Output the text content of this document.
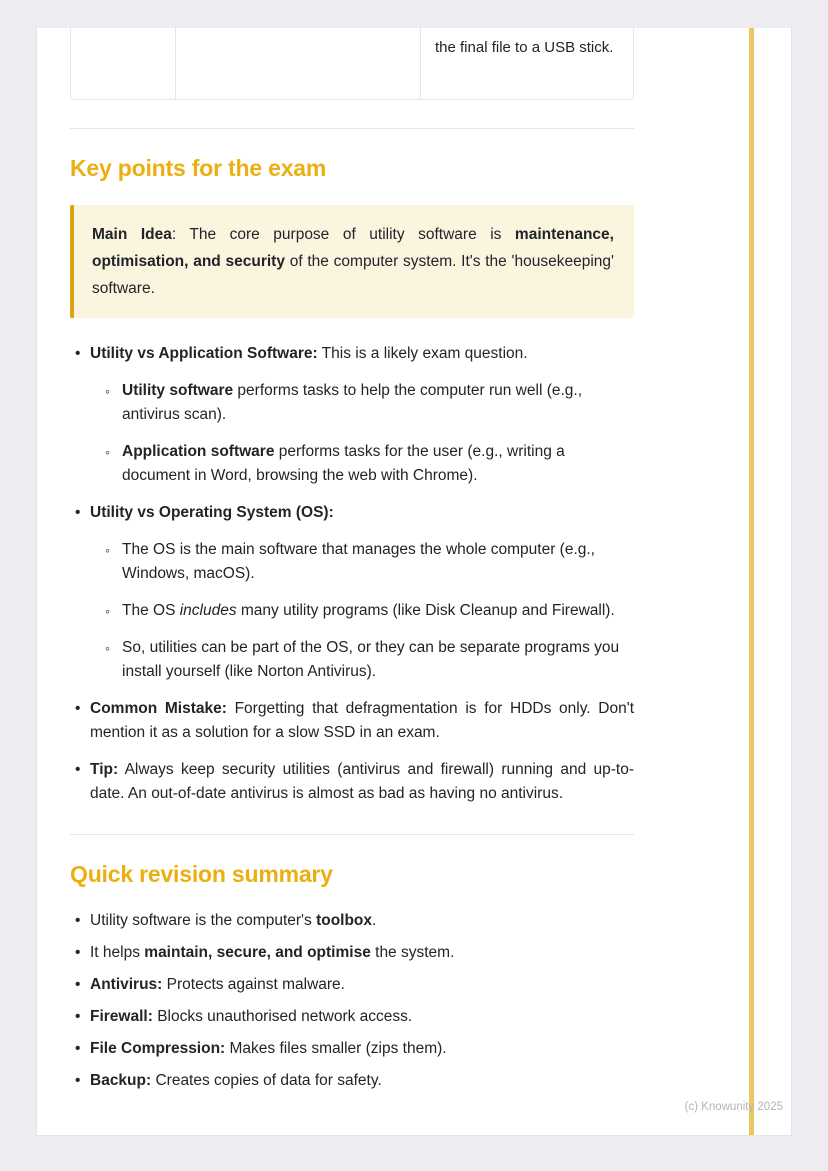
the final file to a USB stick.

Key points for the exam

Main Idea: The core purpose of utility software is maintenance, optimisation, and security of the computer system. It's the 'housekeeping' software.

• Utility vs Application Software: This is a likely exam question.

◦ Utility software performs tasks to help the computer run well (e.g., antivirus scan).

◦ Application software performs tasks for the user (e.g., writing a document in Word, browsing the web with Chrome).

• Utility vs Operating System (OS):

◦ The OS is the main software that manages the whole computer (e.g., Windows, macOS).

◦ The OS includes many utility programs (like Disk Cleanup and Firewall).

◦ So, utilities can be part of the OS, or they can be separate programs you install yourself (like Norton Antivirus).

• Common Mistake: Forgetting that defragmentation is for HDDs only. Don't mention it as a solution for a slow SSD in an exam.

• Tip: Always keep security utilities (antivirus and firewall) running and up-to-date. An out-of-date antivirus is almost as bad as having no antivirus.

Quick revision summary
• Utility software is the computer's toolbox.

• It helps maintain, secure, and optimise the system.

• Antivirus: Protects against malware.

• Firewall: Blocks unauthorised network access.

• File Compression: Makes files smaller (zips them).

• Backup: Creates copies of data for safety.

(c) Knowunity 2025
